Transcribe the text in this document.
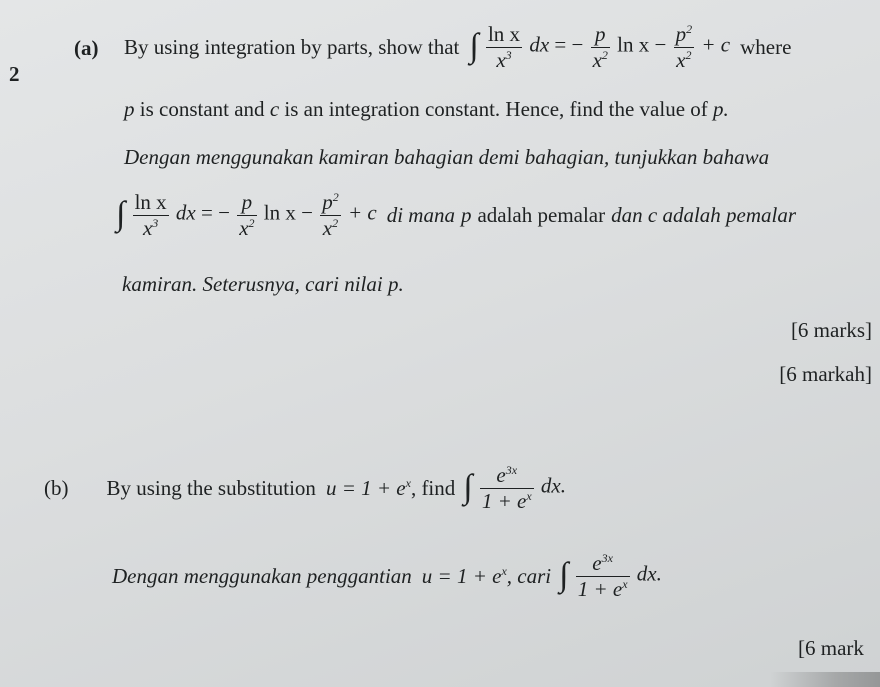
2
(a) By using integration by parts, show that ∫ $\frac{\text{ln x}}{x^3}$ dx = − $\frac{p}{x^2}$ $\ln x - \frac{p^2}{x^2} + c$ where
p is constant and c is an integration constant. Hence, find the value of p.
Dengan menggunakan kamiran bahagian demi bahagian, tunjukkan bahawa
∫ $\frac{\text{ln x}}{x^3}$ dx = − $\frac{p}{x^2}$ $\ln x - \frac{p^2}{x^2} + c$ di mana p adalah pemalar dan c adalah pemalar
kamiran. Seterusnya, cari nilai p.
[6 marks]
[6 markah]
(b) By using the substitution $u = 1 + e^x$ , find ∫ $\frac{e^{3x}}{1 + e^x}$ dx.
Dengan menggunakan penggantian $u = 1 + e^x$ , cari ∫ $\frac{e^{3x}}{1 + e^x}$ dx.
[6 mark
